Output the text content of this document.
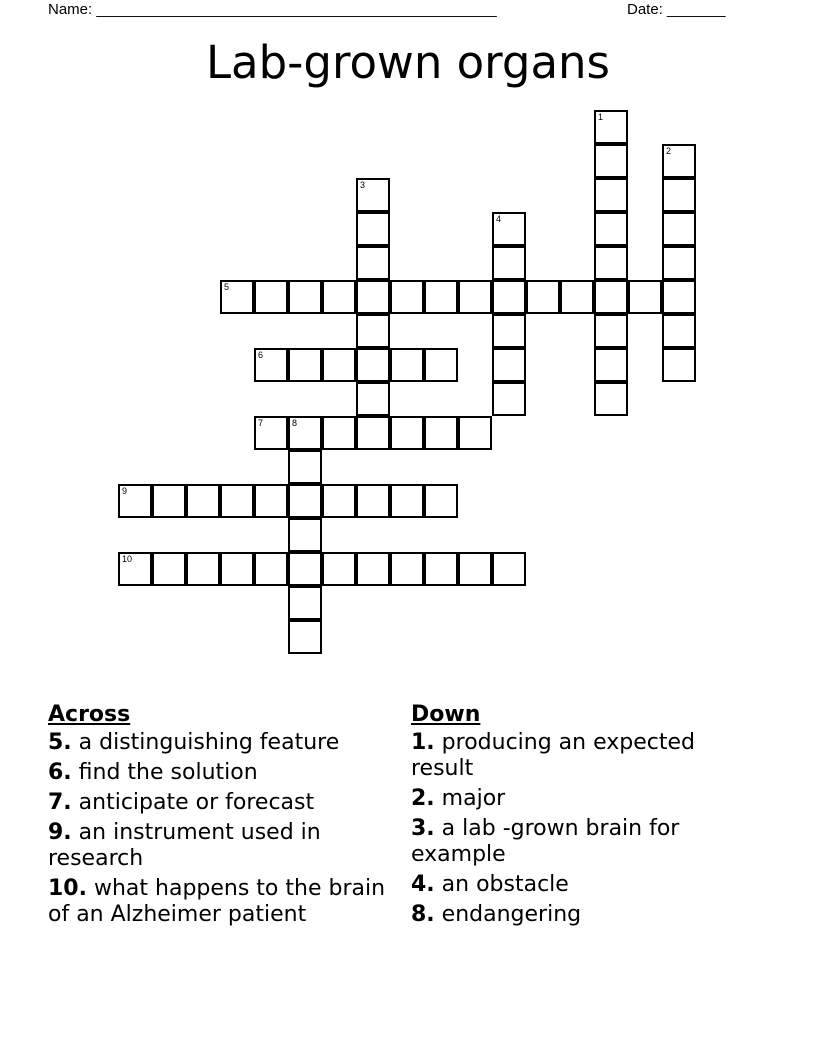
Name: ________________________________________________	Date: _______
Lab-grown organs
1
2
3
4
5
6
7	8
9
10
Across
5. a distinguishing feature
6. find the solution
7. anticipate or forecast
9. an instrument used in research
10. what happens to the brain of an Alzheimer patient
Down
1. producing an expected result
2. major
3. a lab -grown brain for example
4. an obstacle
8. endangering
